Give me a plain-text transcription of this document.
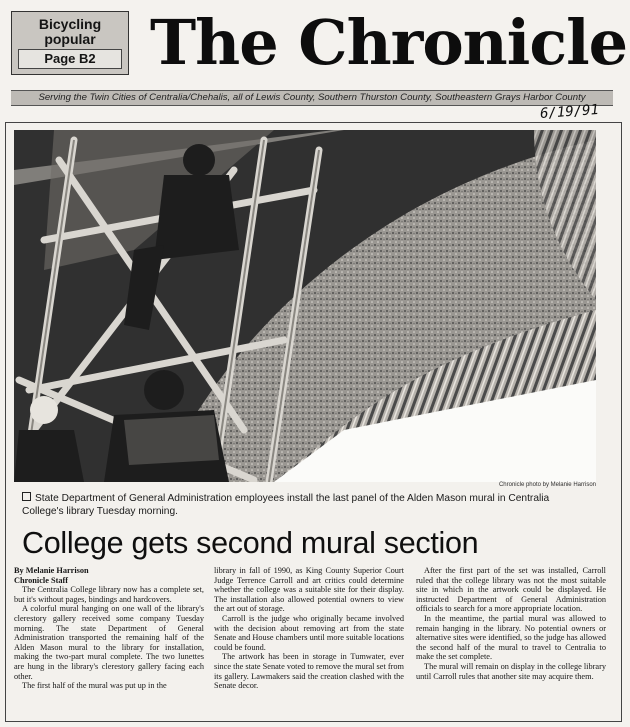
Bicycling popular
Page B2 The Chronicle
Serving the Twin Cities of Centralia/Chehalis, all of Lewis County, Southern Thurston County, Southeastern Grays Harbor County
6/19/91
Chronicle photo by Melanie Harrison
State Department of General Administration employees install the last panel of the Alden Mason mural in Centralia College's library Tuesday morning.
College gets second mural section

By Melanie Harrison

Chronicle Staff

The Centralia College library now has a complete set, but it's without pages, bindings and hardcovers.

A colorful mural hanging on one wall of the library's clerestory gallery received some company Tuesday morning. The state Department of General Administration transported the remaining half of the Alden Mason mural to the library for installation, making the two-part mural complete. The two lunettes are hung in the library's clerestory gallery facing each other.

The first half of the mural was put up in the

library in fall of 1990, as King County Superior Court Judge Terrence Carroll and art critics could determine whether the college was a suitable site for their display. The installation also allowed potential owners to view the art out of storage.

Carroll is the judge who originally became involved with the decision about removing art from the state Senate and House chambers until more suitable locations could be found.

The artwork has been in storage in Tumwater, ever since the state Senate voted to remove the mural set from its gallery. Lawmakers said the creation clashed with the Senate decor.

After the first part of the set was installed, Carroll ruled that the college library was not the most suitable site in which in the artwork could be displayed. He instructed Department of General Administration officials to search for a more appropriate location.

In the meantime, the partial mural was allowed to remain hanging in the library. No potential owners or alternative sites were identified, so the judge has allowed the second half of the mural to travel to Centralia to make the set complete.

The mural will remain on display in the college library until Carroll rules that another site may acquire them.
